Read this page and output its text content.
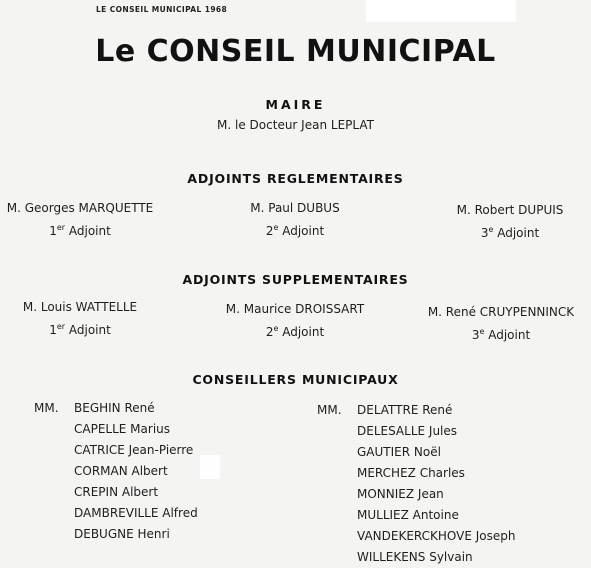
LE CONSEIL MUNICIPAL 1968
Le CONSEIL MUNICIPAL
MAIRE
M. le Docteur Jean LEPLAT
ADJOINTS REGLEMENTAIRES
M. Georges MARQUETTE
1er Adjoint
M. Paul DUBUS
2e Adjoint
M. Robert DUPUIS
3e Adjoint
ADJOINTS SUPPLEMENTAIRES
M. Louis WATTELLE
1er Adjoint
M. Maurice DROISSART
2e Adjoint
M. René CRUYPENNINCK
3e Adjoint
CONSEILLERS MUNICIPAUX
MM. BEGHIN René
CAPELLE Marius
CATRICE Jean-Pierre
CORMAN Albert
CREPIN Albert
DAMBREVILLE Alfred
DEBUGNE Henri
MM. DELATTRE René
DELESALLE Jules
GAUTIER Noël
MERCHEZ Charles
MONNIEZ Jean
MULLIEZ Antoine
VANDEKERCKHOVE Joseph
WILLEKENS Sylvain
